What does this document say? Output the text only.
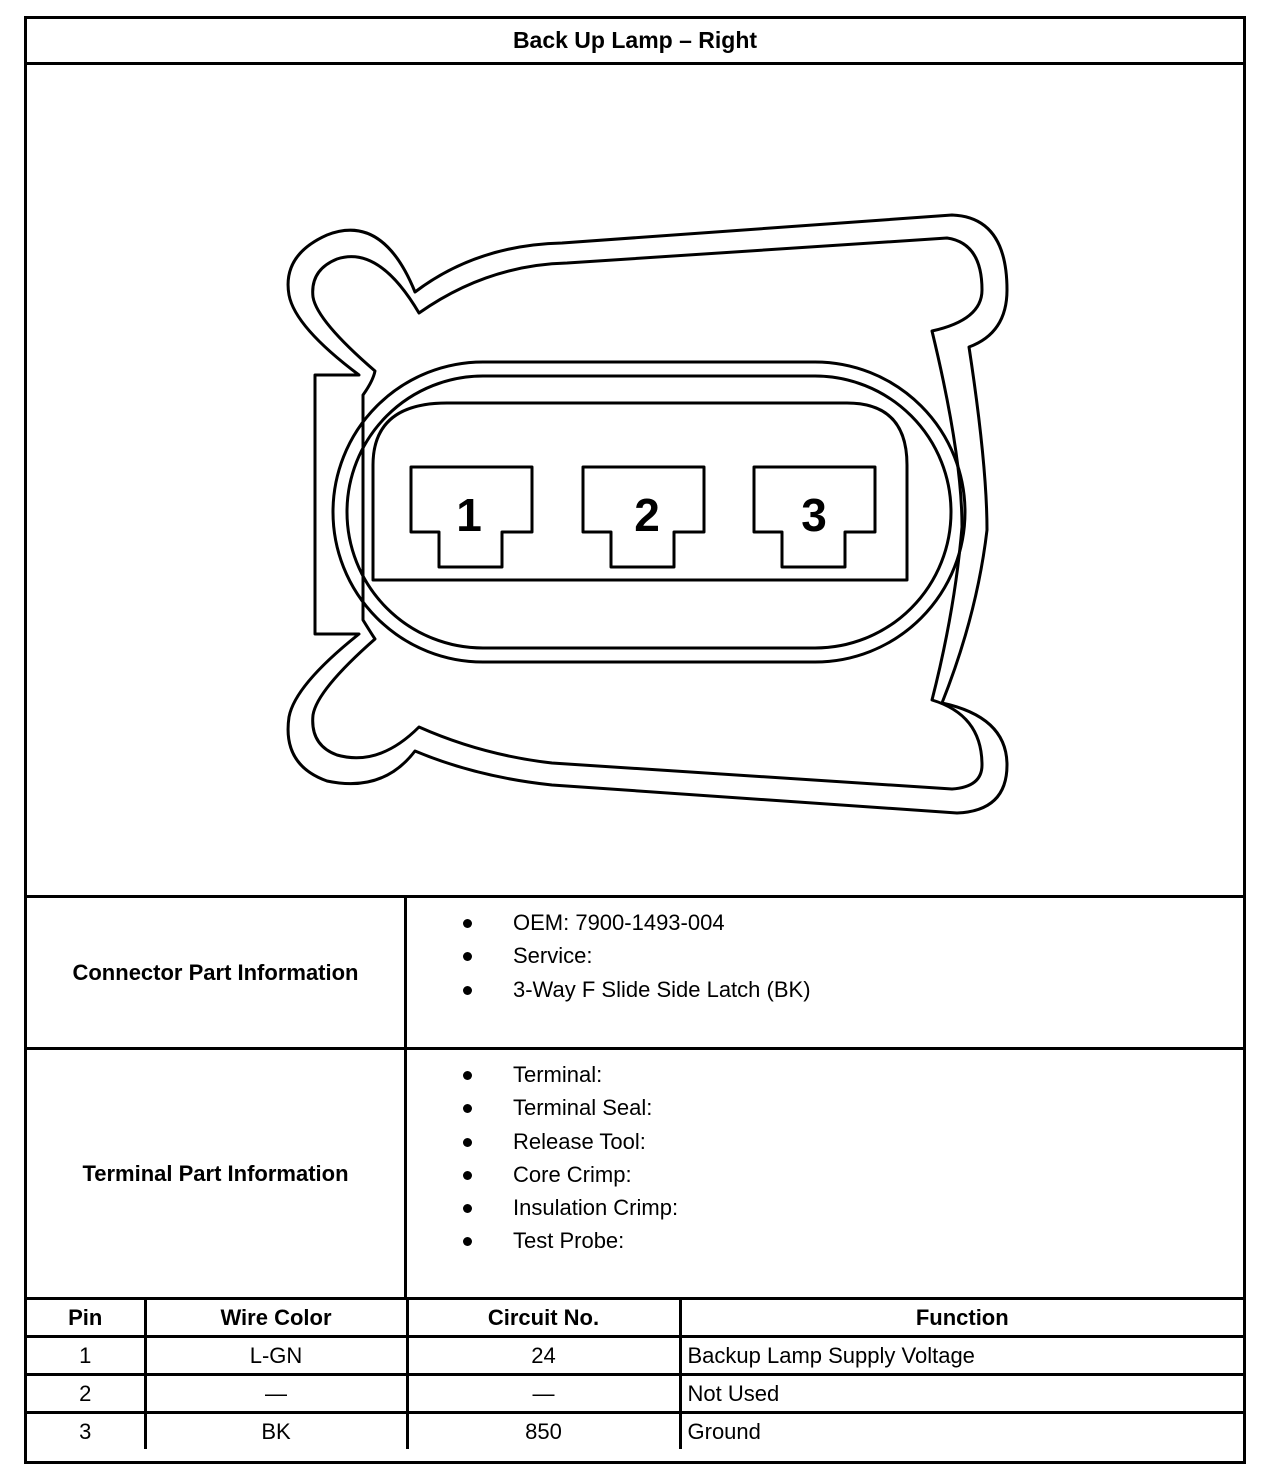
Back Up Lamp – Right
1	2	3
Connector Part Information
OEM: 7900-1493-004
Service:
3-Way F Slide Side Latch (BK)
Terminal Part Information
Terminal:
Terminal Seal:
Release Tool:
Core Crimp:
Insulation Crimp:
Test Probe:
Pin	Wire Color	Circuit No.	Function
1	L-GN	24	Backup Lamp Supply Voltage
2	—	—	Not Used
3	BK	850	Ground
